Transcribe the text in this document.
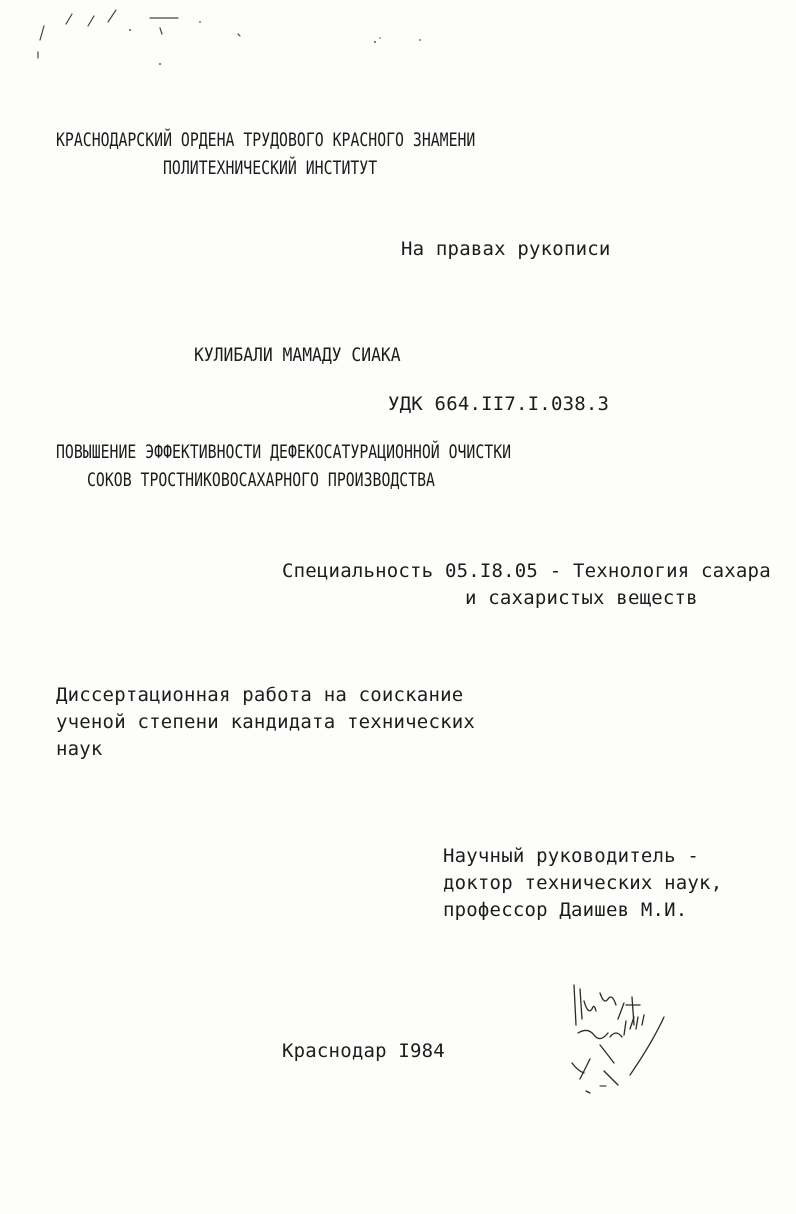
КРАСНОДАРСКИЙ ОРДЕНА ТРУДОВОГО КРАСНОГО ЗНАМЕНИ
ПОЛИТЕХНИЧЕСКИЙ ИНСТИТУТ
На правах рукописи
КУЛИБАЛИ МАМАДУ СИАКА
УДК 664.II7.I.038.3
ПОВЫШЕНИЕ ЭФФЕКТИВНОСТИ ДЕФЕКОСАТУРАЦИОННОЙ ОЧИСТКИ
СОКОВ ТРОСТНИКОВОСАХАРНОГО ПРОИЗВОДСТВА
Специальность 05.I8.05 - Технология сахара
и сахаристых веществ
Диссертационная работа на соискание
ученой степени кандидата технических
наук
Научный руководитель -
доктор технических наук,
профессор Даишев М.И.
Краснодар I984
